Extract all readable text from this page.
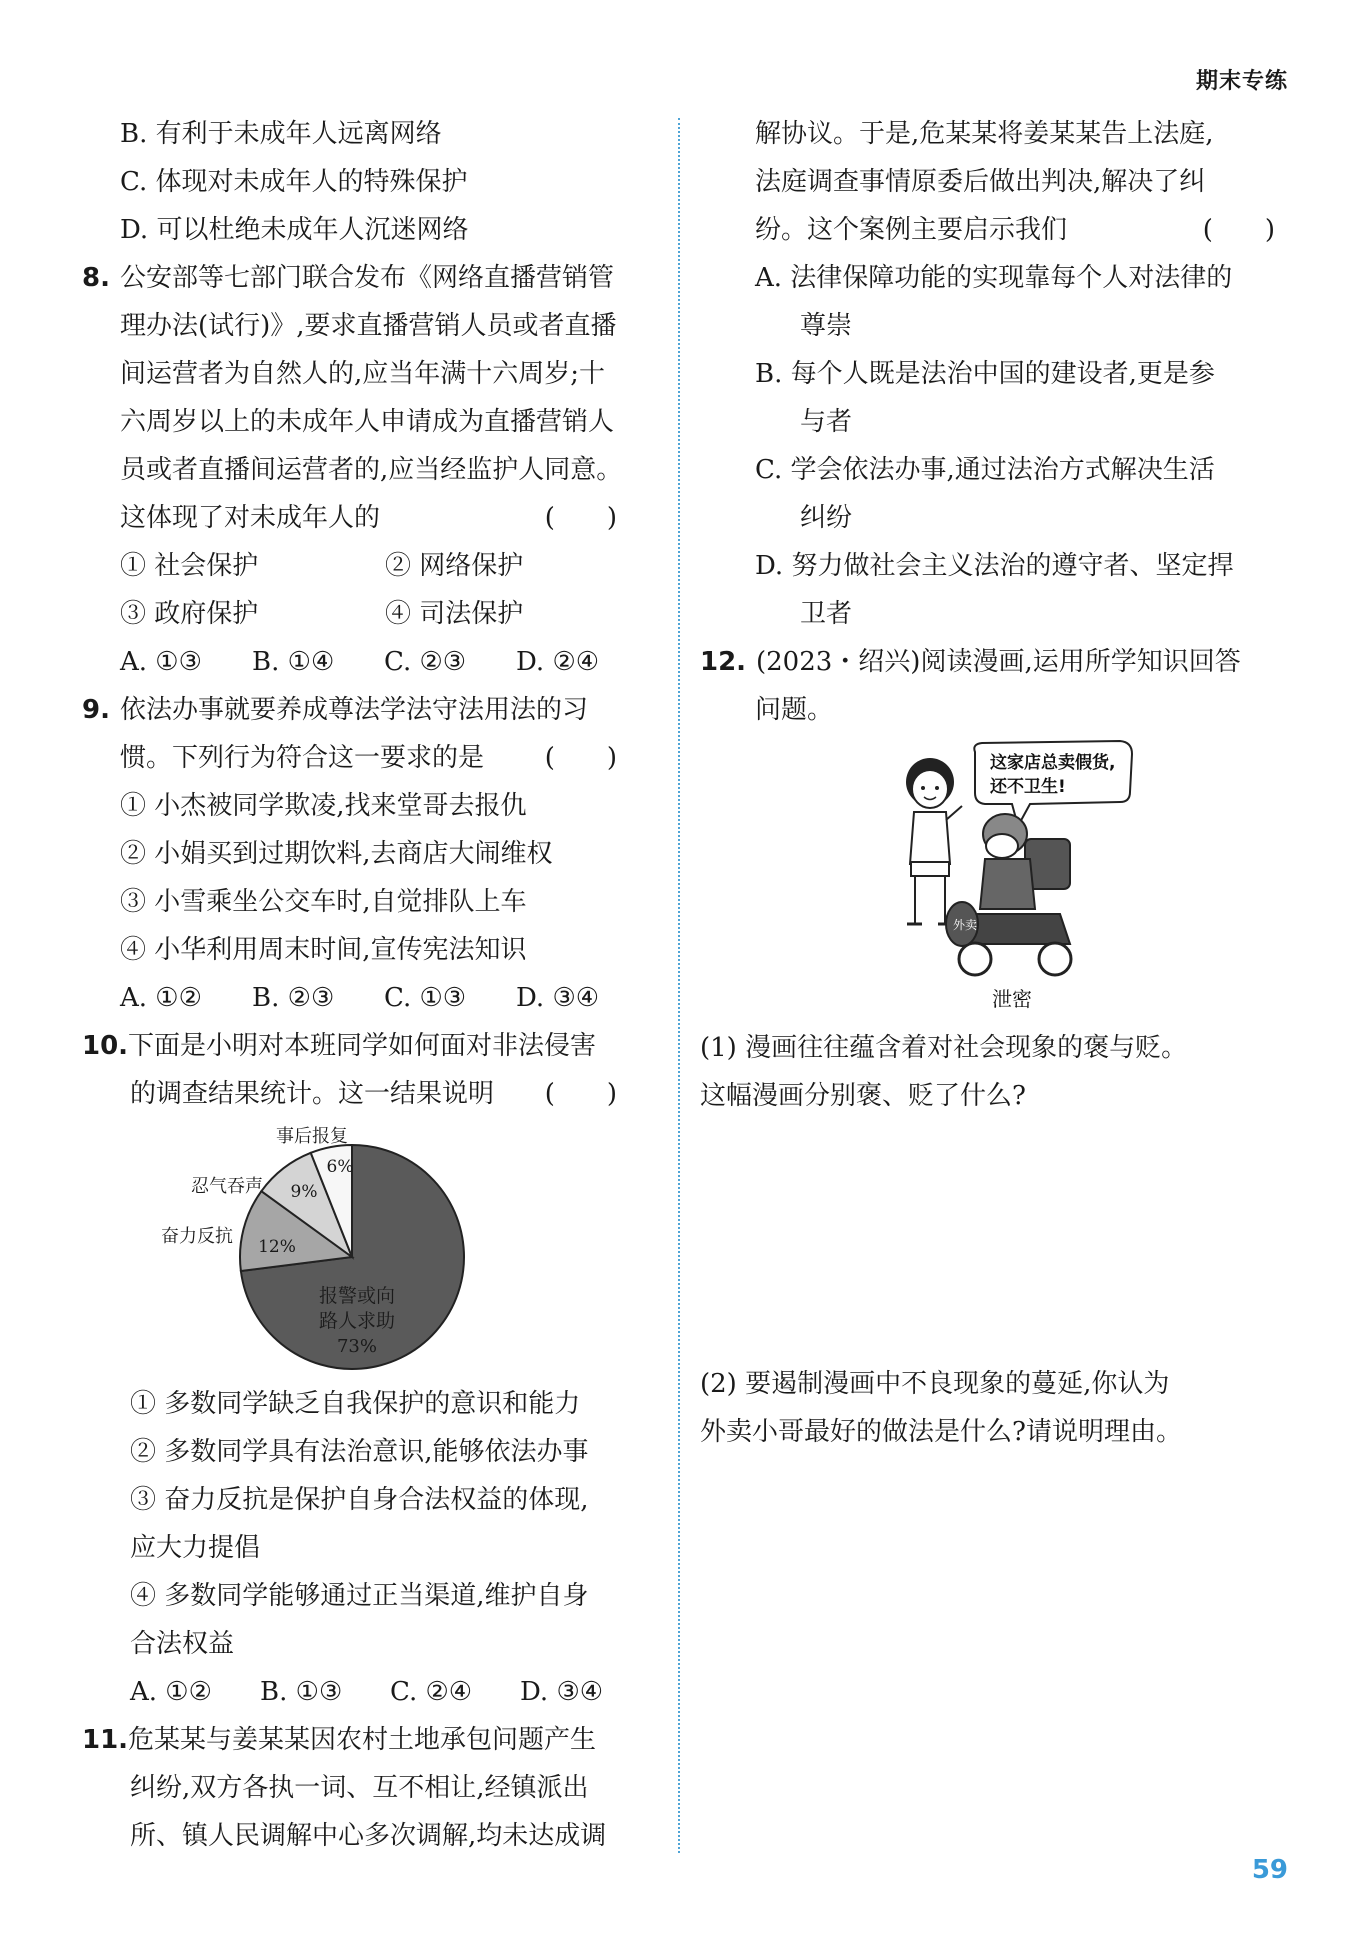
期末专练
B. 有利于未成年人远离网络
C. 体现对未成年人的特殊保护
D. 可以杜绝未成年人沉迷网络
8. 公安部等七部门联合发布《网络直播营销管
理办法(试行)》,要求直播营销人员或者直播
间运营者为自然人的,应当年满十六周岁;十
六周岁以上的未成年人申请成为直播营销人
员或者直播间运营者的,应当经监护人同意。
这体现了对未成年人的	(　　)
① 社会保护	② 网络保护
③ 政府保护	④ 司法保护
A. ①③ B. ①④ C. ②③ D. ②④
9. 依法办事就要养成尊法学法守法用法的习
惯。下列行为符合这一要求的是 (　　)
① 小杰被同学欺凌,找来堂哥去报仇
② 小娟买到过期饮料,去商店大闹维权
③ 小雪乘坐公交车时,自觉排队上车
④ 小华利用周末时间,宣传宪法知识
A. ①② B. ②③ C. ①③ D. ③④
10.下面是小明对本班同学如何面对非法侵害
的调查结果统计。这一结果说明 (　　)
报警或向
路人求助
73%
12%
奋力反抗
9%
忍气吞声
6%
事后报复
① 多数同学缺乏自我保护的意识和能力
② 多数同学具有法治意识,能够依法办事
③ 奋力反抗是保护自身合法权益的体现,
应大力提倡
④ 多数同学能够通过正当渠道,维护自身
合法权益
A. ①② B. ①③ C. ②④ D. ③④
11.危某某与姜某某因农村土地承包问题产生
纠纷,双方各执一词、互不相让,经镇派出
所、镇人民调解中心多次调解,均未达成调
解协议。于是,危某某将姜某某告上法庭,
法庭调查事情原委后做出判决,解决了纠
纷。这个案例主要启示我们	(　　)
A. 法律保障功能的实现靠每个人对法律的
尊崇
B. 每个人既是法治中国的建设者,更是参
与者
C. 学会依法办事,通过法治方式解决生活
纠纷
D. 努力做社会主义法治的遵守者、坚定捍
卫者
12. (2023・绍兴)阅读漫画,运用所学知识回答
问题。
这家店总卖假货,
还不卫生!
外卖
泄密
(1) 漫画往往蕴含着对社会现象的褒与贬。
这幅漫画分别褒、贬了什么?
(2) 要遏制漫画中不良现象的蔓延,你认为
外卖小哥最好的做法是什么?请说明理由。
59
